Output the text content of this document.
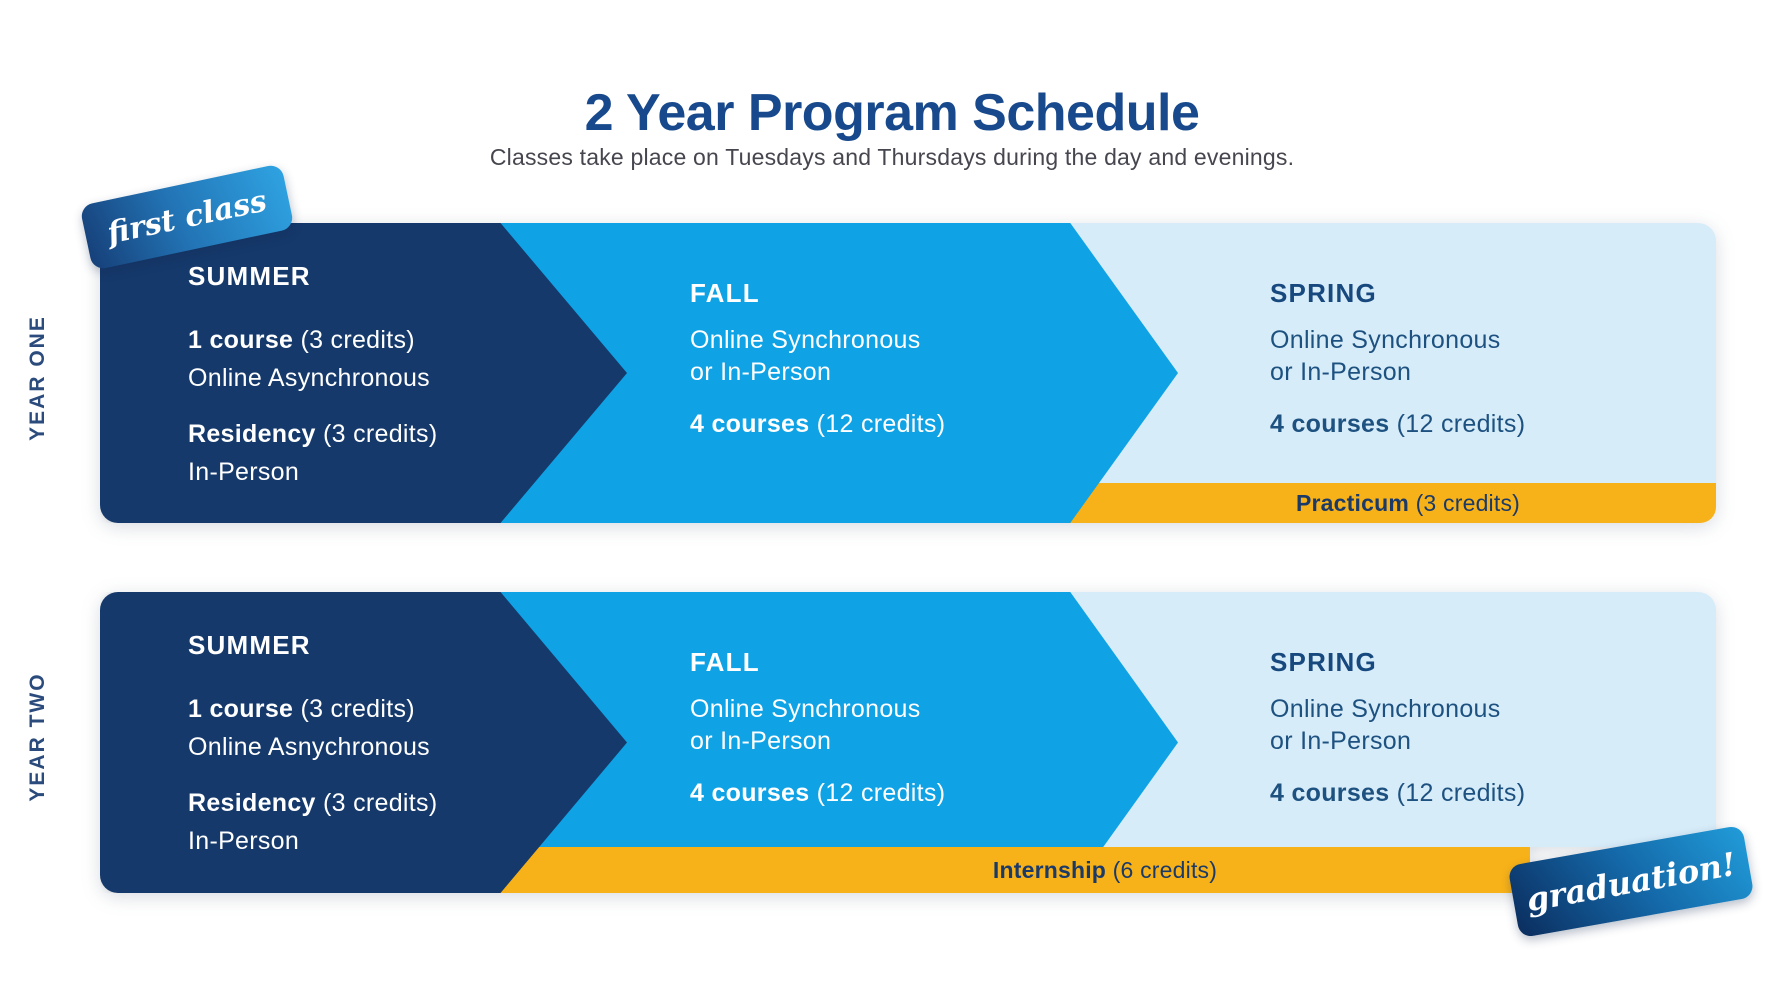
2 Year Program Schedule
Classes take place on Tuesdays and Thursdays during the day and evenings.
YEAR ONE
YEAR TWO
SUMMER

1 course (3 credits)

Online Asynchronous

Residency (3 credits)

In-Person

FALL

Online Synchronous

or In-Person

4 courses (12 credits)

SPRING

Online Synchronous

or In-Person

4 courses (12 credits)

Practicum (3 credits)
SUMMER

1 course (3 credits)

Online Asnychronous

Residency (3 credits)

In-Person

FALL

Online Synchronous

or In-Person

4 courses (12 credits)

SPRING

Online Synchronous

or In-Person

4 courses (12 credits)

Internship (6 credits)
first class
graduation!
